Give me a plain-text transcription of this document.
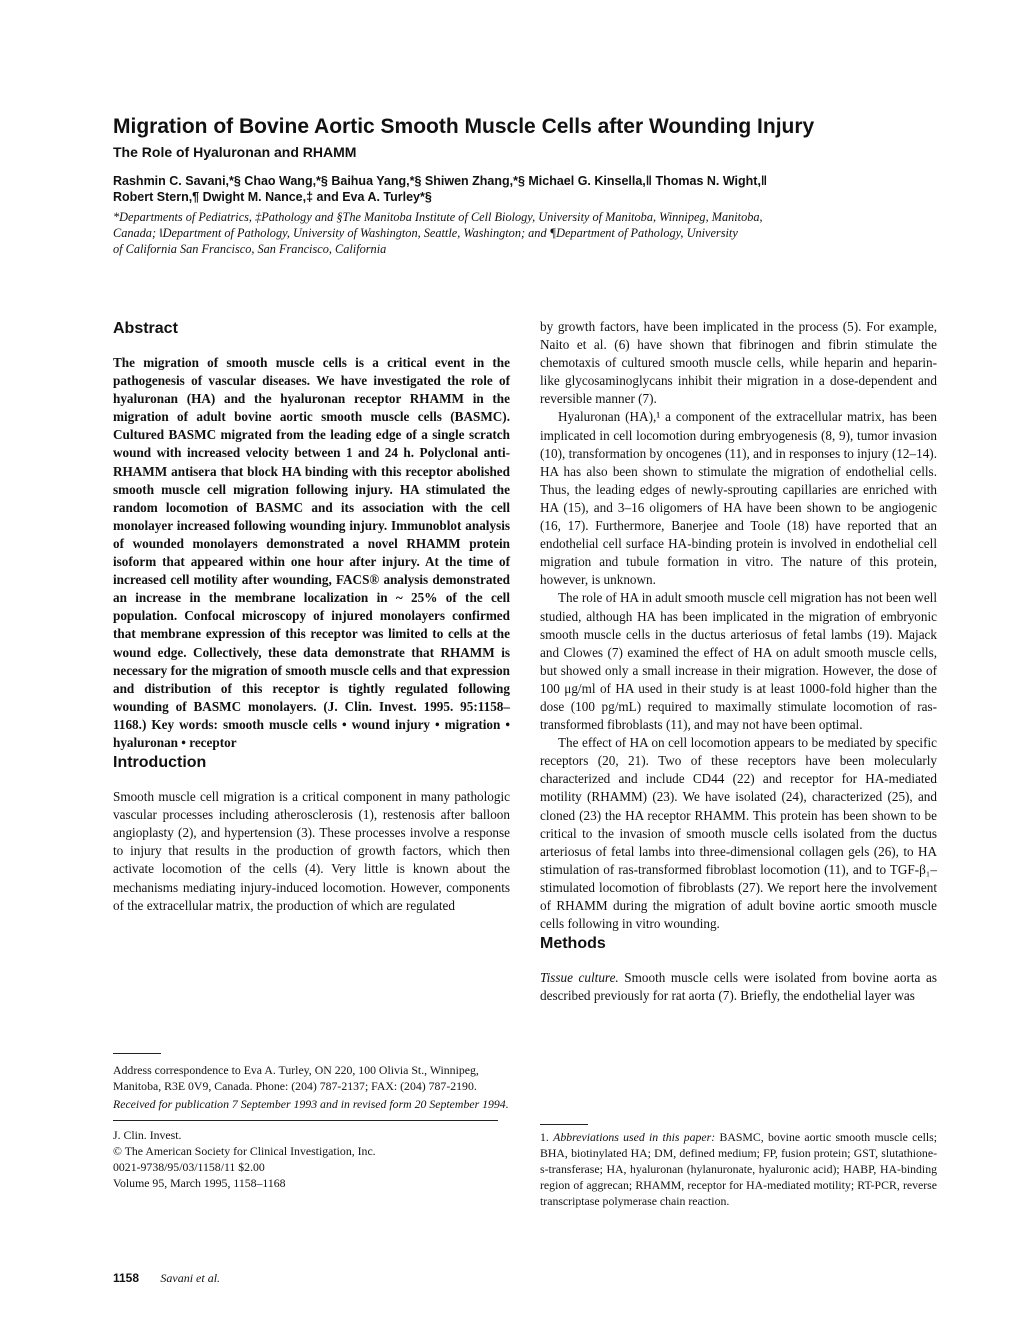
Migration of Bovine Aortic Smooth Muscle Cells after Wounding Injury
The Role of Hyaluronan and RHAMM
Rashmin C. Savani,*§ Chao Wang,*§ Baihua Yang,*§ Shiwen Zhang,*§ Michael G. Kinsella,‖ Thomas N. Wight,‖
Robert Stern,¶ Dwight M. Nance,‡ and Eva A. Turley*§
*Departments of Pediatrics, ‡Pathology and §The Manitoba Institute of Cell Biology, University of Manitoba, Winnipeg, Manitoba,
Canada; ‖Department of Pathology, University of Washington, Seattle, Washington; and ¶Department of Pathology, University
of California San Francisco, San Francisco, California
Abstract

The migration of smooth muscle cells is a critical event in the pathogenesis of vascular diseases. We have investigated the role of hyaluronan (HA) and the hyaluronan receptor RHAMM in the migration of adult bovine aortic smooth muscle cells (BASMC). Cultured BASMC migrated from the leading edge of a single scratch wound with increased velocity between 1 and 24 h. Polyclonal anti-RHAMM antisera that block HA binding with this receptor abolished smooth muscle cell migration following injury. HA stimulated the random locomotion of BASMC and its association with the cell monolayer increased following wounding injury. Immunoblot analysis of wounded monolayers demonstrated a novel RHAMM protein isoform that appeared within one hour after injury. At the time of increased cell motility after wounding, FACS® analysis demonstrated an increase in the membrane localization in ~ 25% of the cell population. Confocal microscopy of injured monolayers confirmed that membrane expression of this receptor was limited to cells at the wound edge. Collectively, these data demonstrate that RHAMM is necessary for the migration of smooth muscle cells and that expression and distribution of this receptor is tightly regulated following wounding of BASMC monolayers. (J. Clin. Invest. 1995. 95:1158–1168.) Key words: smooth muscle cells • wound injury • migration • hyaluronan • receptor

Introduction

Smooth muscle cell migration is a critical component in many pathologic vascular processes including atherosclerosis (1), restenosis after balloon angioplasty (2), and hypertension (3). These processes involve a response to injury that results in the production of growth factors, which then activate locomotion of the cells (4). Very little is known about the mechanisms mediating injury-induced locomotion. However, components of the extracellular matrix, the production of which are regulated

by growth factors, have been implicated in the process (5). For example, Naito et al. (6) have shown that fibrinogen and fibrin stimulate the chemotaxis of cultured smooth muscle cells, while heparin and heparin-like glycosaminoglycans inhibit their migration in a dose-dependent and reversible manner (7).

Hyaluronan (HA),¹ a component of the extracellular matrix, has been implicated in cell locomotion during embryogenesis (8, 9), tumor invasion (10), transformation by oncogenes (11), and in responses to injury (12–14). HA has also been shown to stimulate the migration of endothelial cells. Thus, the leading edges of newly-sprouting capillaries are enriched with HA (15), and 3–16 oligomers of HA have been shown to be angiogenic (16, 17). Furthermore, Banerjee and Toole (18) have reported that an endothelial cell surface HA-binding protein is involved in endothelial cell migration and tubule formation in vitro. The nature of this protein, however, is unknown.

The role of HA in adult smooth muscle cell migration has not been well studied, although HA has been implicated in the migration of embryonic smooth muscle cells in the ductus arteriosus of fetal lambs (19). Majack and Clowes (7) examined the effect of HA on adult smooth muscle cells, but showed only a small increase in their migration. However, the dose of 100 μg/ml of HA used in their study is at least 1000-fold higher than the dose (100 pg/mL) required to maximally stimulate locomotion of ras-transformed fibroblasts (11), and may not have been optimal.

The effect of HA on cell locomotion appears to be mediated by specific receptors (20, 21). Two of these receptors have been molecularly characterized and include CD44 (22) and receptor for HA-mediated motility (RHAMM) (23). We have isolated (24), characterized (25), and cloned (23) the HA receptor RHAMM. This protein has been shown to be critical to the invasion of smooth muscle cells isolated from the ductus arteriosus of fetal lambs into three-dimensional collagen gels (26), to HA stimulation of ras-transformed fibroblast locomotion (11), and to TGF-β₁–stimulated locomotion of fibroblasts (27). We report here the involvement of RHAMM during the migration of adult bovine aortic smooth muscle cells following in vitro wounding.

Methods

Tissue culture. Smooth muscle cells were isolated from bovine aorta as described previously for rat aorta (7). Briefly, the endothelial layer was

Address correspondence to Eva A. Turley, ON 220, 100 Olivia St., Winnipeg, Manitoba, R3E 0V9, Canada. Phone: (204) 787-2137; FAX: (204) 787-2190.
Received for publication 7 September 1993 and in revised form 20 September 1994.
J. Clin. Invest.
© The American Society for Clinical Investigation, Inc.
0021-9738/95/03/1158/11 $2.00
Volume 95, March 1995, 1158–1168
1. Abbreviations used in this paper: BASMC, bovine aortic smooth muscle cells; BHA, biotinylated HA; DM, defined medium; FP, fusion protein; GST, slutathione-s-transferase; HA, hyaluronan (hylanuronate, hyaluronic acid); HABP, HA-binding region of aggrecan; RHAMM, receptor for HA-mediated motility; RT-PCR, reverse transcriptase polymerase chain reaction.
1158 Savani et al.
